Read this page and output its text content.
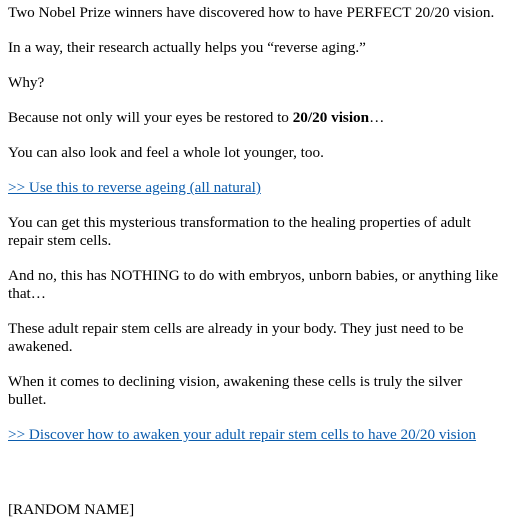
Two Nobel Prize winners have discovered how to have PERFECT 20/20 vision.

In a way, their research actually helps you “reverse aging.”

Why?

Because not only will your eyes be restored to 20/20 vision…

You can also look and feel a whole lot younger, too.

>> Use this to reverse ageing (all natural)

You can get this mysterious transformation to the healing properties of adult repair stem cells.

And no, this has NOTHING to do with embryos, unborn babies, or anything like that…

These adult repair stem cells are already in your body. They just need to be awakened.

When it comes to declining vision, awakening these cells is truly the silver bullet.

>> Discover how to awaken your adult repair stem cells to have 20/20 vision

[RANDOM NAME]
